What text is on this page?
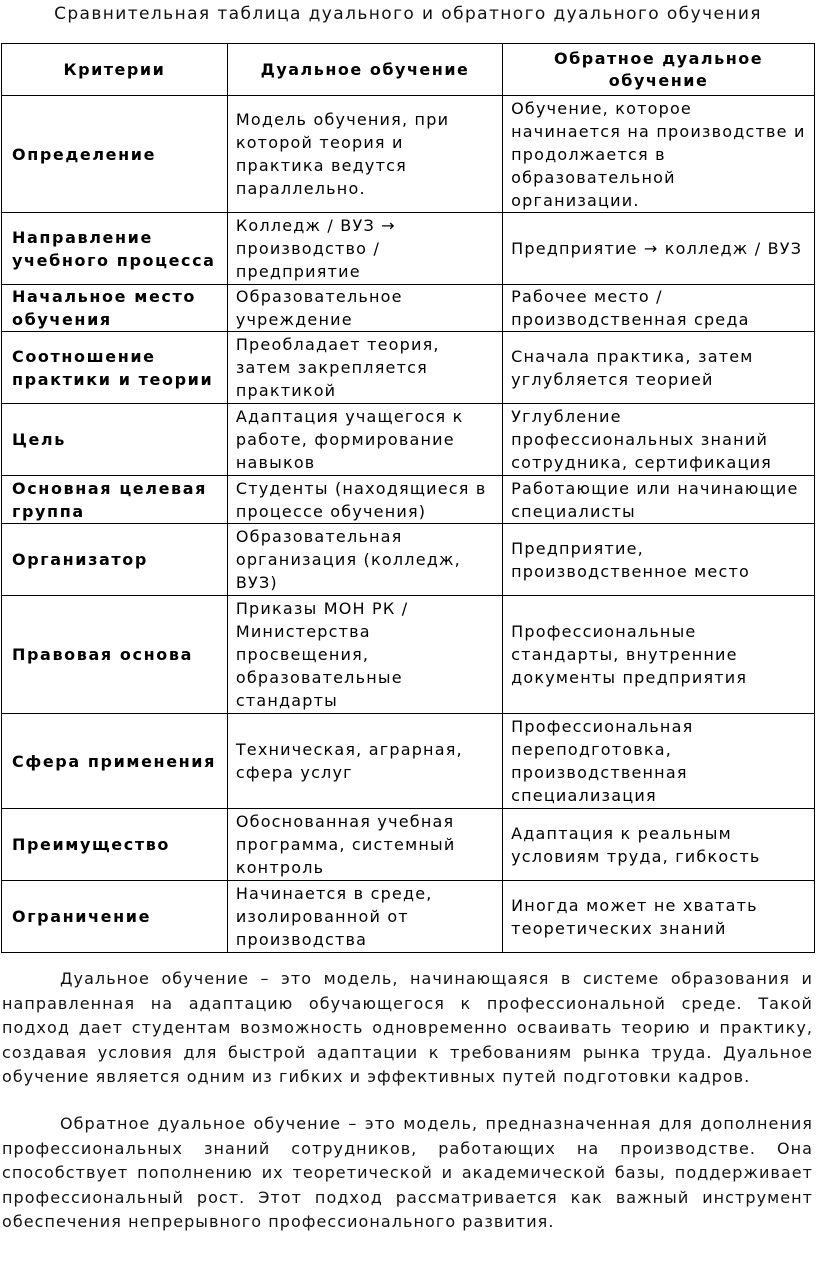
Сравнительная таблица дуального и обратного дуального обучения
Критерии	Дуальное обучение	Обратное дуальное обучение
Определение	Модель обучения, при которой теория и практика ведутся параллельно.	Обучение, которое начинается на производстве и продолжается в образовательной организации.
Направление учебного процесса	Колледж / ВУЗ → производство / предприятие	Предприятие → колледж / ВУЗ
Начальное место обучения	Образовательное учреждение	Рабочее место / производственная среда
Соотношение практики и теории	Преобладает теория, затем закрепляется практикой	Сначала практика, затем углубляется теорией
Цель	Адаптация учащегося к работе, формирование навыков	Углубление профессиональных знаний сотрудника, сертификация
Основная целевая группа	Студенты (находящиеся в процессе обучения)	Работающие или начинающие специалисты
Организатор	Образовательная организация (колледж, ВУЗ)	Предприятие, производственное место
Правовая основа	Приказы МОН РК / Министерства просвещения, образовательные стандарты	Профессиональные стандарты, внутренние документы предприятия
Сфера применения	Техническая, аграрная, сфера услуг	Профессиональная переподготовка, производственная специализация
Преимущество	Обоснованная учебная программа, системный контроль	Адаптация к реальным условиям труда, гибкость
Ограничение	Начинается в среде, изолированной от производства	Иногда может не хватать теоретических знаний

Дуальное обучение – это модель, начинающаяся в системе образования и направленная на адаптацию обучающегося к профессиональной среде. Такой подход дает студентам возможность одновременно осваивать теорию и практику, создавая условия для быстрой адаптации к требованиям рынка труда. Дуальное обучение является одним из гибких и эффективных путей подготовки кадров.

Обратное дуальное обучение – это модель, предназначенная для дополнения профессиональных знаний сотрудников, работающих на производстве. Она способствует пополнению их теоретической и академической базы, поддерживает профессиональный рост. Этот подход рассматривается как важный инструмент обеспечения непрерывного профессионального развития.
